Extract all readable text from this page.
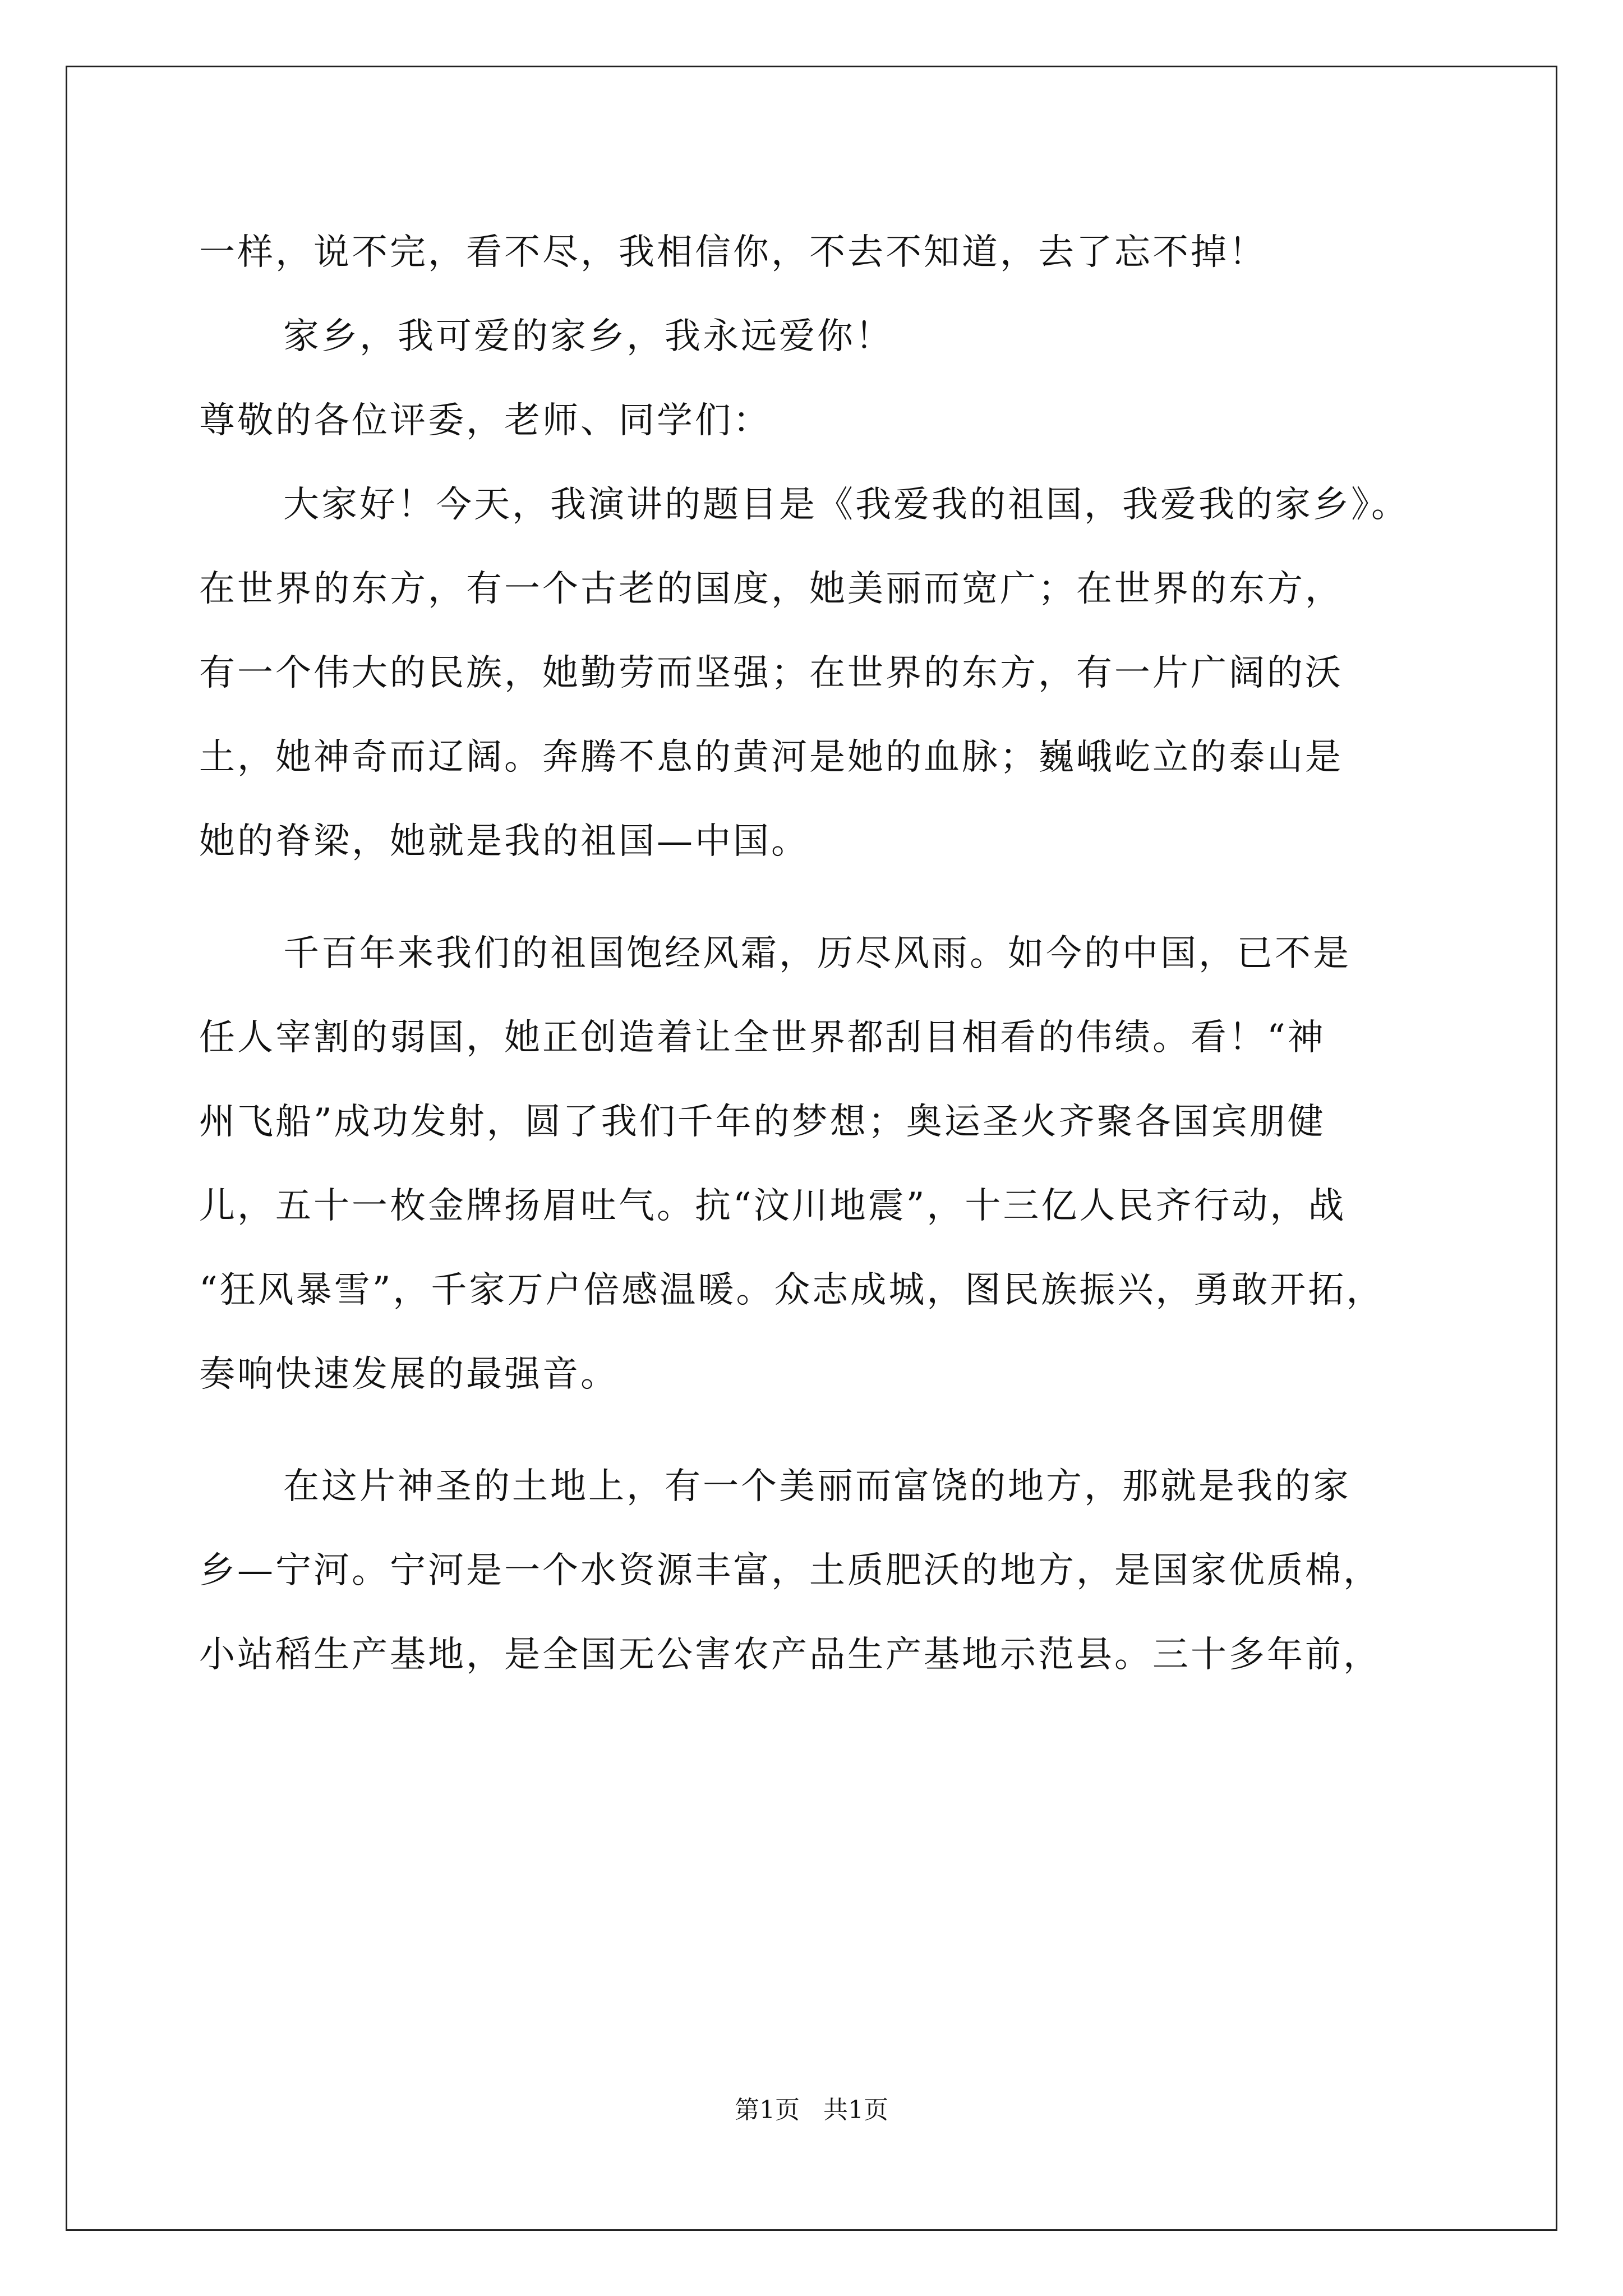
一样，说不完，看不尽，我相信你，不去不知道，去了忘不掉！

家乡，我可爱的家乡，我永远爱你！

尊敬的各位评委，老师、同学们：

大家好！今天，我演讲的题目是《我爱我的祖国，我爱我的家乡》。

在世界的东方，有一个古老的国度，她美丽而宽广；在世界的东方，

有一个伟大的民族，她勤劳而坚强；在世界的东方，有一片广阔的沃

土，她神奇而辽阔。奔腾不息的黄河是她的血脉；巍峨屹立的泰山是

她的脊梁，她就是我的祖国—中国。

千百年来我们的祖国饱经风霜，历尽风雨。如今的中国，已不是

任人宰割的弱国，她正创造着让全世界都刮目相看的伟绩。看！“神

州飞船”成功发射，圆了我们千年的梦想；奥运圣火齐聚各国宾朋健

儿，五十一枚金牌扬眉吐气。抗“汶川地震”，十三亿人民齐行动，战

“狂风暴雪”，千家万户倍感温暖。众志成城，图民族振兴，勇敢开拓，

奏响快速发展的最强音。

在这片神圣的土地上，有一个美丽而富饶的地方，那就是我的家

乡—宁河。宁河是一个水资源丰富，土质肥沃的地方，是国家优质棉，

小站稻生产基地，是全国无公害农产品生产基地示范县。三十多年前，

第1页   共1页
